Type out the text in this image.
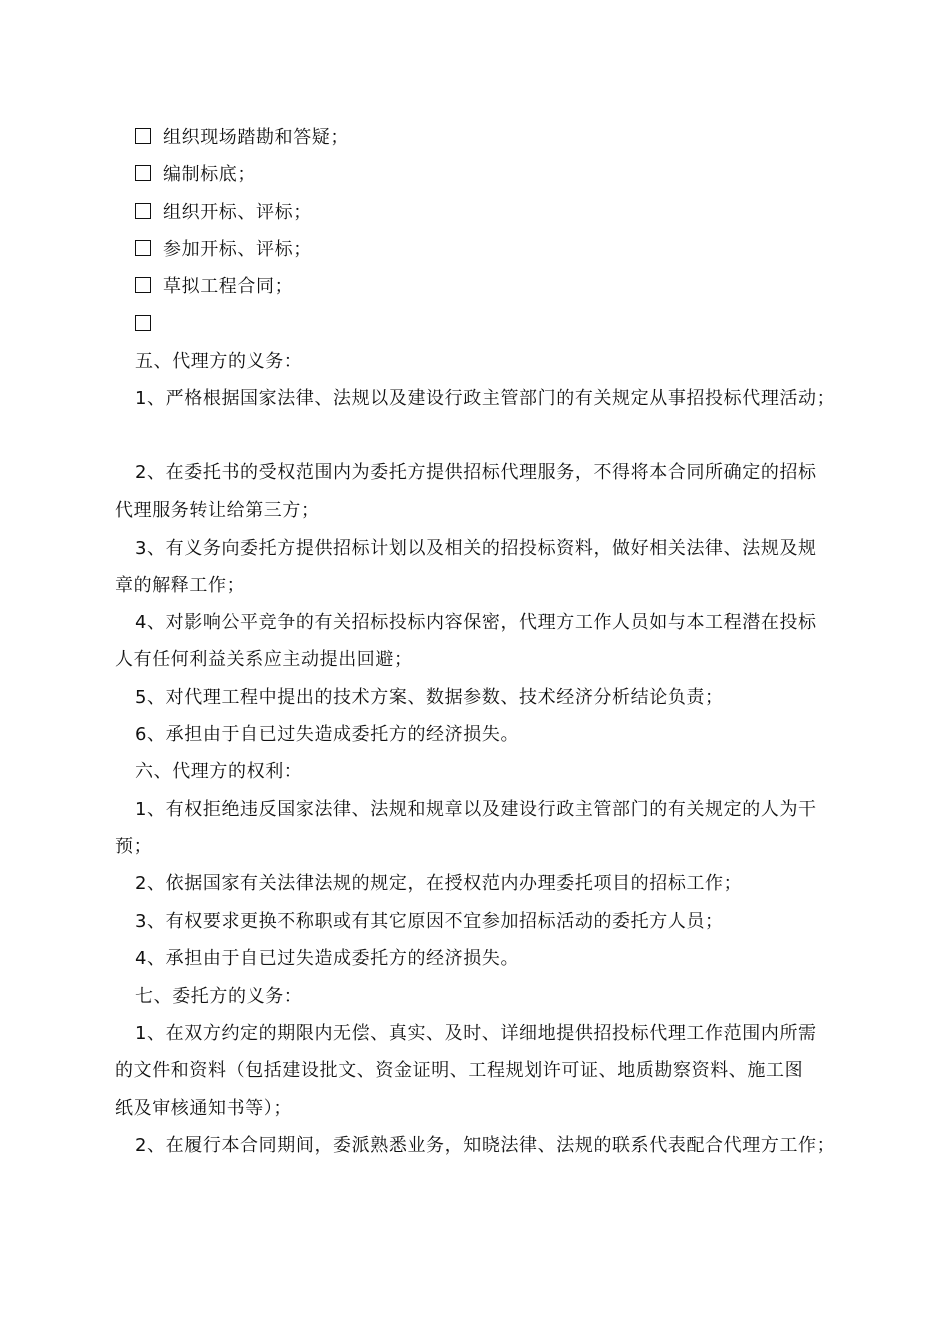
组织现场踏勘和答疑；
编制标底；
组织开标、评标；
参加开标、评标；
草拟工程合同；
五、代理方的义务：
1、严格根据国家法律、法规以及建设行政主管部门的有关规定从事招投标代理活动；
2、在委托书的受权范围内为委托方提供招标代理服务，不得将本合同所确定的招标
代理服务转让给第三方；
3、有义务向委托方提供招标计划以及相关的招投标资料，做好相关法律、法规及规
章的解释工作；
4、对影响公平竞争的有关招标投标内容保密，代理方工作人员如与本工程潜在投标
人有任何利益关系应主动提出回避；
5、对代理工程中提出的技术方案、数据参数、技术经济分析结论负责；
6、承担由于自已过失造成委托方的经济损失。
六、代理方的权利：
1、有权拒绝违反国家法律、法规和规章以及建设行政主管部门的有关规定的人为干
预；
2、依据国家有关法律法规的规定，在授权范内办理委托项目的招标工作；
3、有权要求更换不称职或有其它原因不宜参加招标活动的委托方人员；
4、承担由于自已过失造成委托方的经济损失。
七、委托方的义务：
1、在双方约定的期限内无偿、真实、及时、详细地提供招投标代理工作范围内所需
的文件和资料（包括建设批文、资金证明、工程规划许可证、地质勘察资料、施工图
纸及审核通知书等）；
2、在履行本合同期间，委派熟悉业务，知晓法律、法规的联系代表配合代理方工作；
